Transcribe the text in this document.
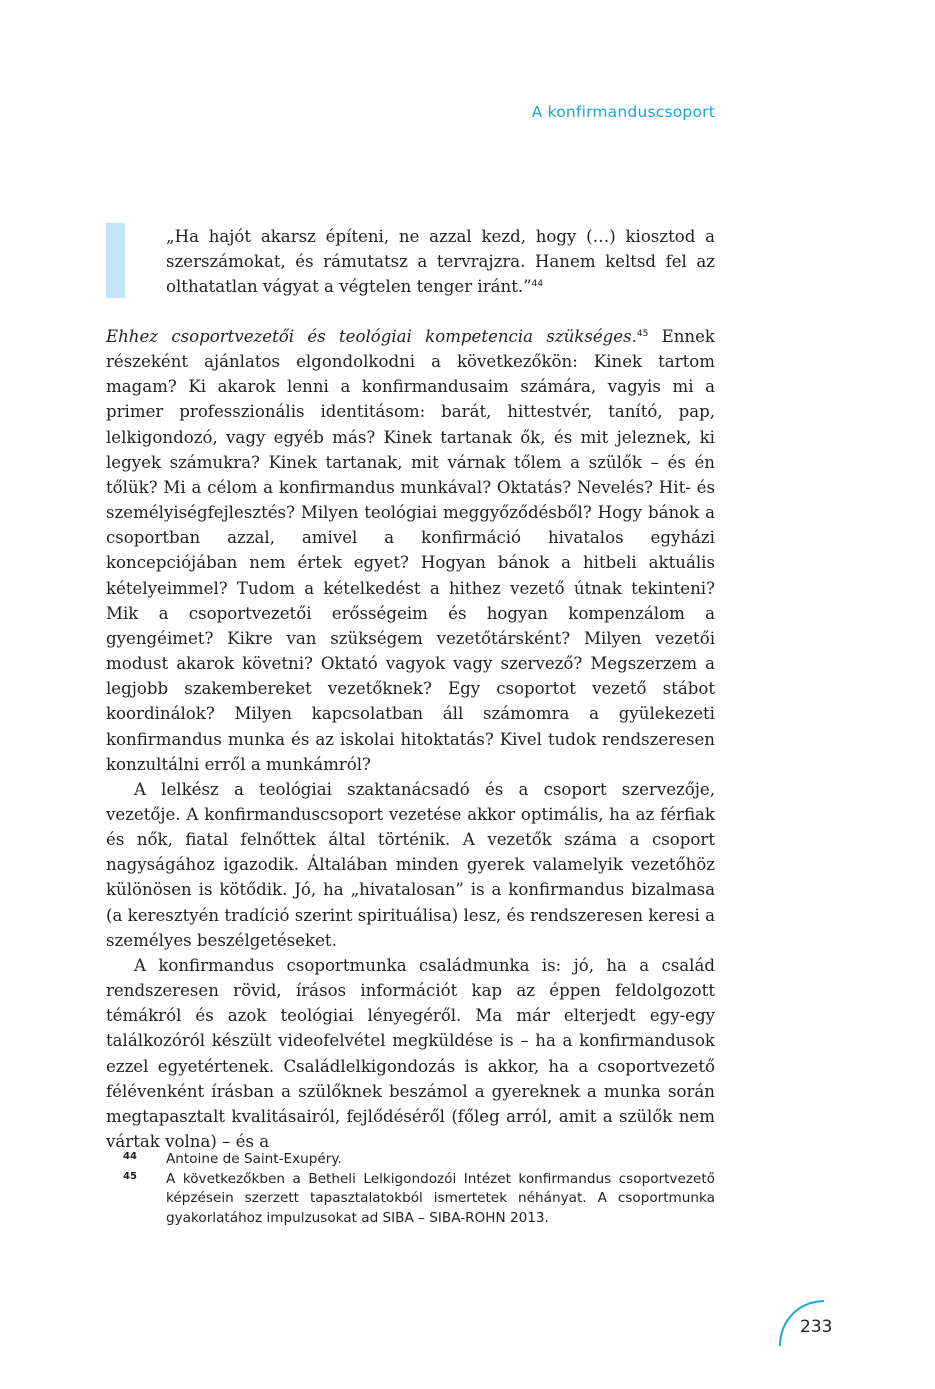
A konfirmanduscsoport

„Ha hajót akarsz építeni, ne azzal kezd, hogy (…) kiosztod a szerszámokat, és rámutatsz a tervrajzra. Hanem keltsd fel az olthatatlan vágyat a végtelen tenger iránt.”$^{44}$

Ehhez csoportvezetői és teológiai kompetencia szükséges.$^{45}$ Ennek részeként ajánlatos elgondolkodni a következőkön: Kinek tartom magam? Ki akarok lenni a konfirmandusaim számára, vagyis mi a primer professzionális identitásom: barát, hittestvér, tanító, pap, lelkigondozó, vagy egyéb más? Kinek tartanak ők, és mit jeleznek, ki legyek számukra? Kinek tartanak, mit várnak tőlem a szülők – és én tőlük? Mi a célom a konfirmandus munkával? Oktatás? Nevelés? Hit- és személyiségfejlesztés? Milyen teológiai meggyőződésből? Hogy bánok a csoportban azzal, amivel a konfirmáció hivatalos egyházi koncepciójában nem értek egyet? Hogyan bánok a hitbeli aktuális kételyeimmel? Tudom a kételkedést a hithez vezető útnak tekinteni? Mik a csoportvezetői erősségeim és hogyan kompenzálom a gyengéimet? Kikre van szükségem vezetőtársként? Milyen vezetői modust akarok követni? Oktató vagyok vagy szervező? Megszerzem a legjobb szakembereket vezetőknek? Egy csoportot vezető stábot koordinálok? Milyen kapcsolatban áll számomra a gyülekezeti konfirmandus munka és az iskolai hitoktatás? Kivel tudok rendszeresen konzultálni erről a munkámról?

A lelkész a teológiai szaktanácsadó és a csoport szervezője, vezetője. A konfirmanduscsoport vezetése akkor optimális, ha az férfiak és nők, fiatal felnőttek által történik. A vezetők száma a csoport nagyságához igazodik. Általában minden gyerek valamelyik vezetőhöz különösen is kötődik. Jó, ha „hivatalosan” is a konfirmandus bizalmasa (a keresztyén tradíció szerint spirituálisa) lesz, és rendszeresen keresi a személyes beszélgetéseket.

A konfirmandus csoportmunka családmunka is: jó, ha a család rendszeresen rövid, írásos információt kap az éppen feldolgozott témákról és azok teológiai lényegéről. Ma már elterjedt egy-egy találkozóról készült videofelvétel megküldése is – ha a konfirmandusok ezzel egyetértenek. Családlelkigondozás is akkor, ha a csoportvezető félévenként írásban a szülőknek beszámol a gyereknek a munka során megtapasztalt kvalitásairól, fejlődéséről (főleg arról, amit a szülők nem vártak volna) – és a

44 Antoine de Saint-Exupéry.
45 A következőkben a Betheli Lelkigondozói Intézet konfirmandus csoportvezető képzésein szerzett tapasztalatokból ismertetek néhányat. A csoportmunka gyakorlatához impulzusokat ad SIBA – SIBA-ROHN 2013.
233
